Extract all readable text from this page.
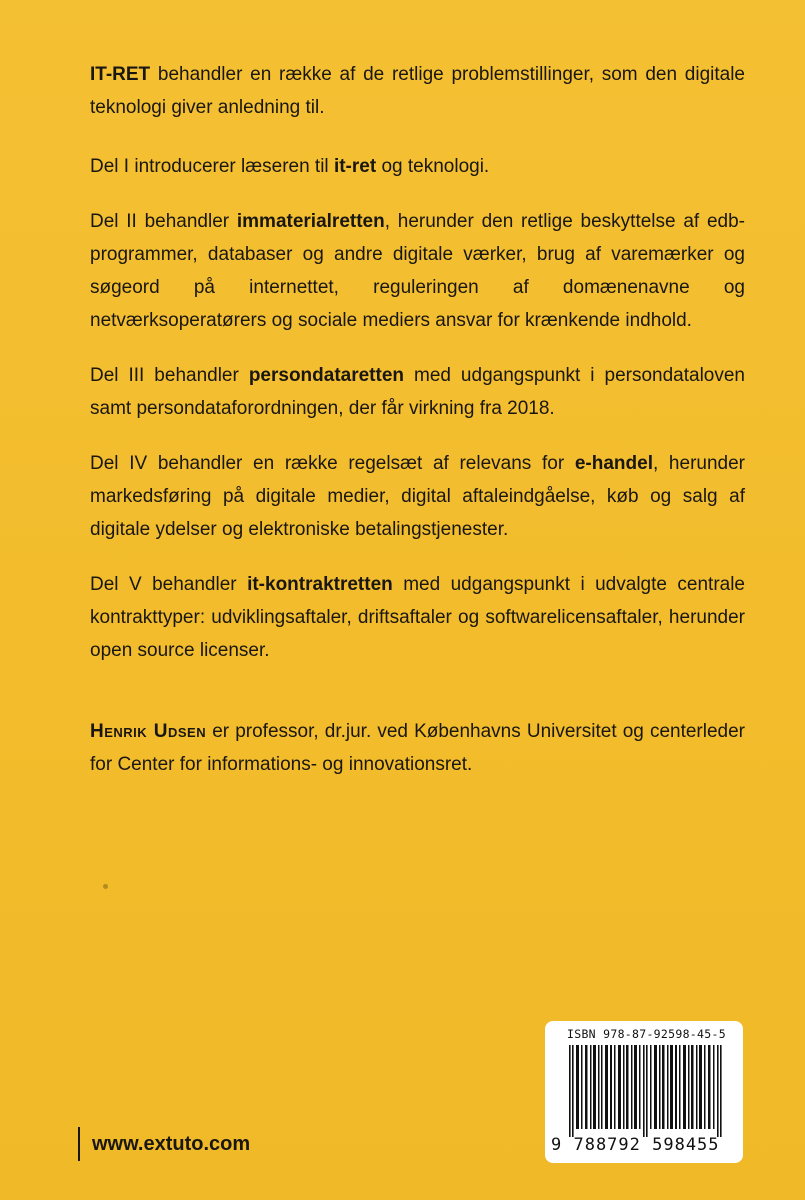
IT-RET behandler en række af de retlige problemstillinger, som den digitale teknologi giver anledning til.

Del I introducerer læseren til it-ret og teknologi.

Del II behandler immaterialretten, herunder den retlige beskyttelse af edb-programmer, databaser og andre digitale værker, brug af varemærker og søgeord på internettet, reguleringen af domænenavne og netværksoperatørers og sociale mediers ansvar for krænkende indhold.

Del III behandler persondataretten med udgangspunkt i persondataloven samt persondataforordningen, der får virkning fra 2018.

Del IV behandler en række regelsæt af relevans for e-handel, herunder markedsføring på digitale medier, digital aftaleindgåelse, køb og salg af digitale ydelser og elektroniske betalingstjenester.

Del V behandler it-kontraktretten med udgangspunkt i udvalgte centrale kontrakttyper: udviklingsaftaler, driftsaftaler og softwarelicensaftaler, herunder open source licenser.

Henrik Udsen er professor, dr.jur. ved Københavns Universitet og centerleder for Center for informations- og innovationsret.

www.extuto.com
ISBN 978-87-92598-45-5
9 788792 598455
